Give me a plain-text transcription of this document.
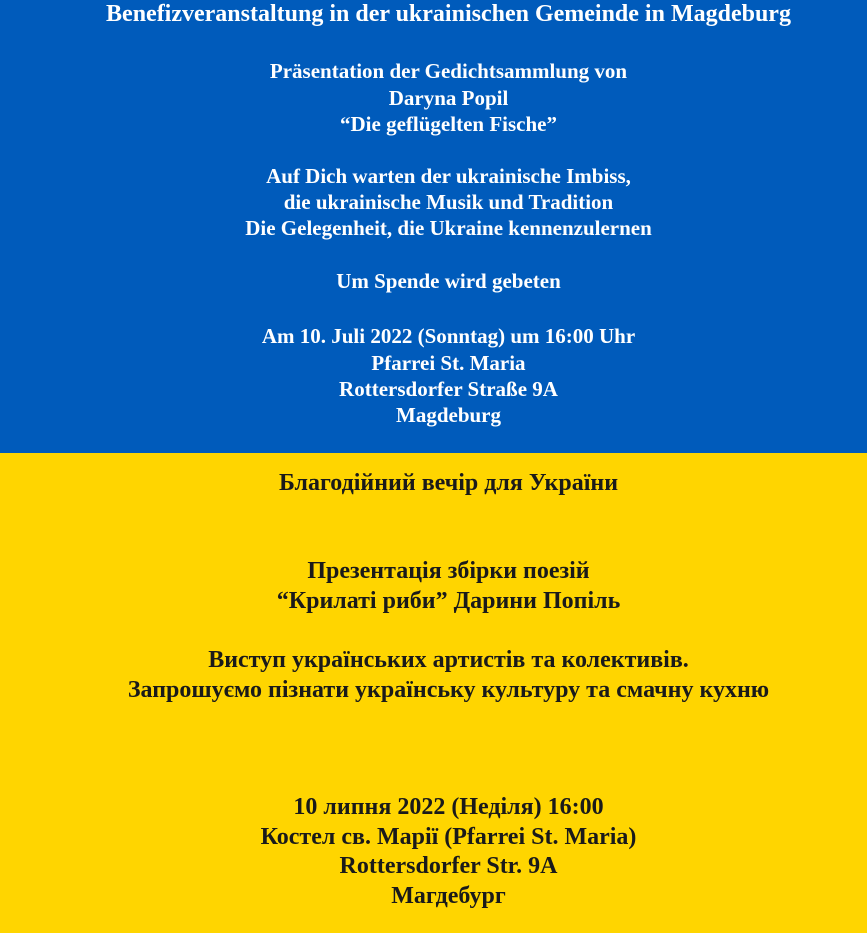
Benefizveranstaltung in der ukrainischen Gemeinde in Magdeburg
Präsentation der Gedichtsammlung von
Daryna Popil
“Die geflügelten Fische”
Auf Dich warten der ukrainische Imbiss,
die ukrainische Musik und Tradition
Die Gelegenheit, die Ukraine kennenzulernen
Um Spende wird gebeten
Am 10. Juli 2022 (Sonntag) um 16:00 Uhr
Pfarrei St. Maria
Rottersdorfer Straße 9A
Magdeburg
Благодійний вечір для України
Презентація збірки поезій
“Крилаті риби” Дарини Попіль
Виступ українських артистів та колективів.
Запрошуємо пізнати українську культуру та смачну кухню
10 липня 2022 (Неділя) 16:00
Костел св. Марії (Pfarrei St. Maria)
Rottersdorfer Str. 9A
Магдебург
